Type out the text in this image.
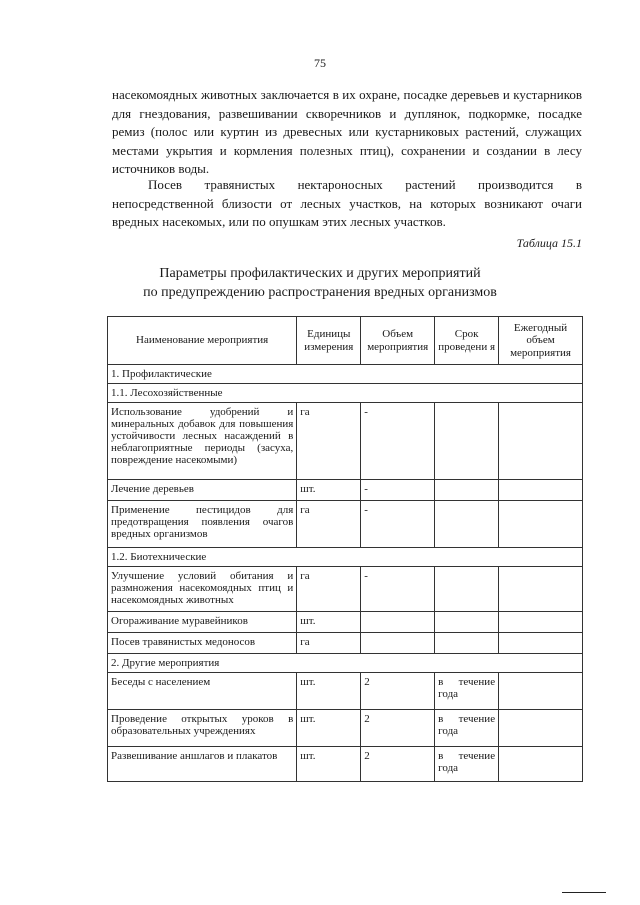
75

насекомоядных животных заключается в их охране, посадке деревьев и кустарников для гнездования, развешивании скворечников и дуплянок, подкормке, посадке ремиз (полос или куртин из древесных или кустарниковых растений, служащих местами укрытия и кормления полезных птиц), сохранении и создании в лесу источников воды.

Посев травянистых нектароносных растений производится в непосредственной близости от лесных участков, на которых возникают очаги вредных насекомых, или по опушкам этих лесных участков.

Таблица 15.1
Параметры профилактических и других мероприятий
по предупреждению распространения вредных организмов
Наименование мероприятия	Единицы измерения	Объем мероприятия	Срок проведени я	Ежегодный объем мероприятия
1. Профилактические				
1.1. Лесохозяйственные				
Использование удобрений и минеральных добавок для повышения устойчивости лесных насаждений в неблагоприятные периоды (засуха, повреждение насекомыми)	га	-		
Лечение деревьев	шт.	-		
Применение пестицидов для предотвращения появления очагов вредных организмов	га	-		
1.2. Биотехнические				
Улучшение условий обитания и размножения насекомоядных птиц и насекомоядных животных	га	-		
Огораживание муравейников	шт.			
Посев травянистых медоносов	га			
2. Другие мероприятия				
Беседы с населением	шт.	2	в течение года	
Проведение открытых уроков в образовательных учреждениях	шт.	2	в течение года	
Развешивание аншлагов и плакатов	шт.	2	в течение года	
